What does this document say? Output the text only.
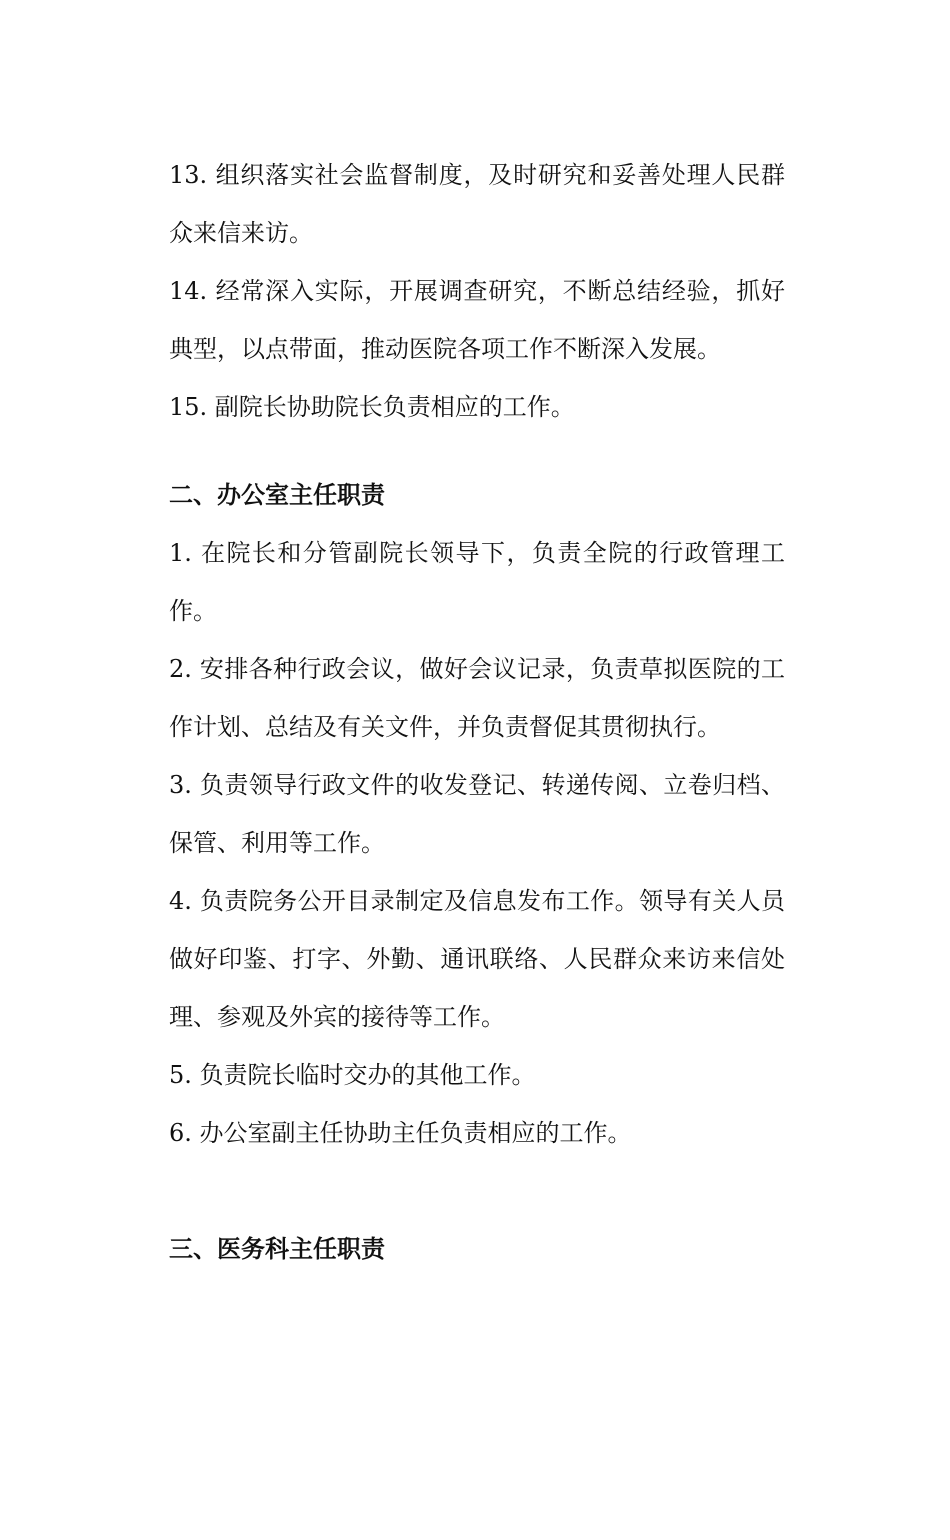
13. 组织落实社会监督制度，及时研究和妥善处理人民群众来信来访。

14. 经常深入实际，开展调查研究，不断总结经验，抓好典型，以点带面，推动医院各项工作不断深入发展。

15. 副院长协助院长负责相应的工作。

二、办公室主任职责

1. 在院长和分管副院长领导下，负责全院的行政管理工作。

2. 安排各种行政会议，做好会议记录，负责草拟医院的工作计划、总结及有关文件，并负责督促其贯彻执行。

3. 负责领导行政文件的收发登记、转递传阅、立卷归档、保管、利用等工作。

4. 负责院务公开目录制定及信息发布工作。领导有关人员做好印鉴、打字、外勤、通讯联络、人民群众来访来信处理、参观及外宾的接待等工作。

5. 负责院长临时交办的其他工作。

6. 办公室副主任协助主任负责相应的工作。

三、医务科主任职责
